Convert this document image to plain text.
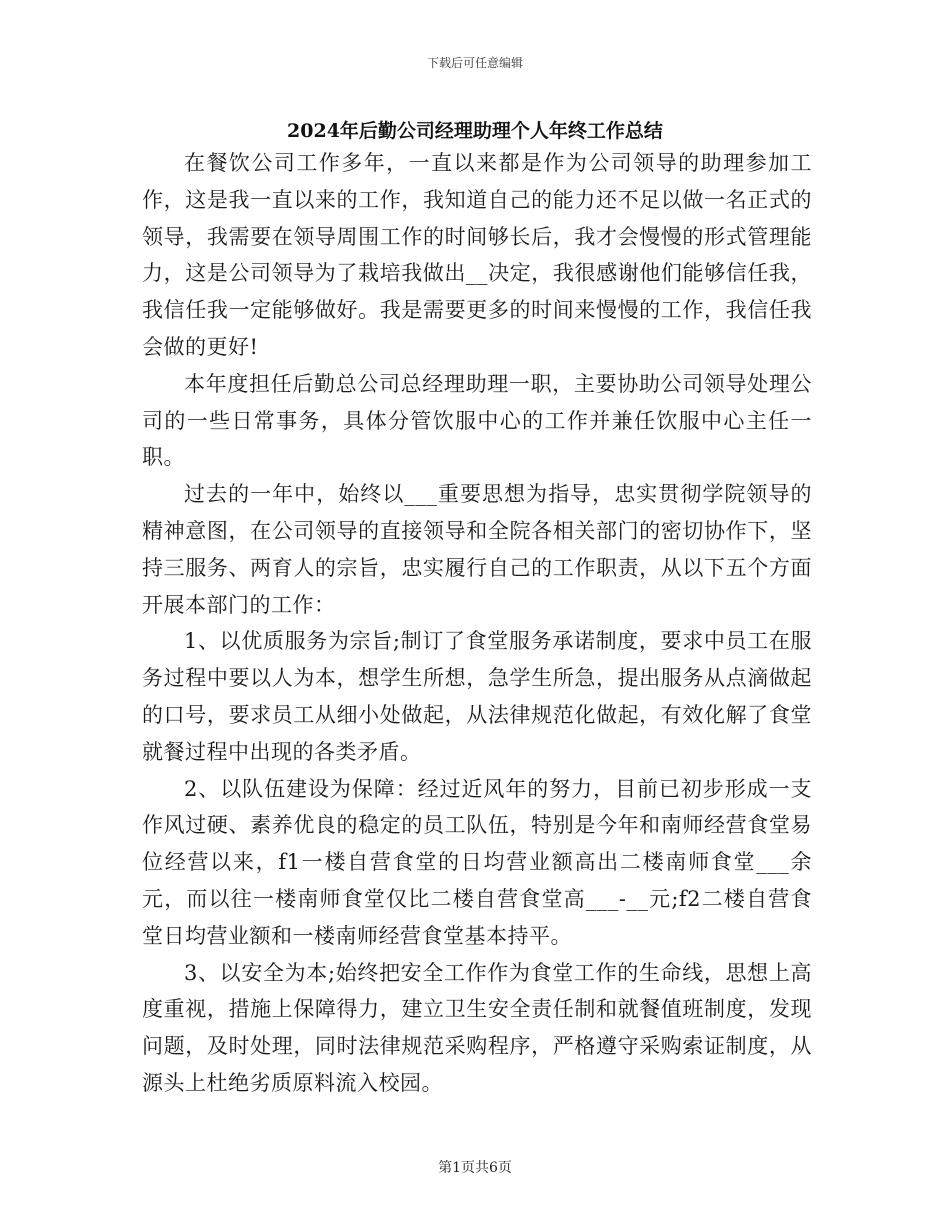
下载后可任意编辑
2024年后勤公司经理助理个人年终工作总结

在餐饮公司工作多年，一直以来都是作为公司领导的助理参加工作，这是我一直以来的工作，我知道自己的能力还不足以做一名正式的领导，我需要在领导周围工作的时间够长后，我才会慢慢的形式管理能力，这是公司领导为了栽培我做出__决定，我很感谢他们能够信任我，我信任我一定能够做好。我是需要更多的时间来慢慢的工作，我信任我会做的更好!

本年度担任后勤总公司总经理助理一职，主要协助公司领导处理公司的一些日常事务，具体分管饮服中心的工作并兼任饮服中心主任一职。

过去的一年中，始终以___重要思想为指导，忠实贯彻学院领导的精神意图，在公司领导的直接领导和全院各相关部门的密切协作下，坚持三服务、两育人的宗旨，忠实履行自己的工作职责，从以下五个方面开展本部门的工作：

1、以优质服务为宗旨;制订了食堂服务承诺制度，要求中员工在服务过程中要以人为本，想学生所想，急学生所急，提出服务从点滴做起的口号，要求员工从细小处做起，从法律规范化做起，有效化解了食堂就餐过程中出现的各类矛盾。

2、以队伍建设为保障：经过近风年的努力，目前已初步形成一支作风过硬、素养优良的稳定的员工队伍，特别是今年和南师经营食堂易位经营以来，f1一楼自营食堂的日均营业额高出二楼南师食堂___余元，而以往一楼南师食堂仅比二楼自营食堂高___-__元;f2二楼自营食堂日均营业额和一楼南师经营食堂基本持平。

3、以安全为本;始终把安全工作作为食堂工作的生命线，思想上高度重视，措施上保障得力，建立卫生安全责任制和就餐值班制度，发现问题，及时处理，同时法律规范采购程序，严格遵守采购索证制度，从源头上杜绝劣质原料流入校园。

第1页共6页
